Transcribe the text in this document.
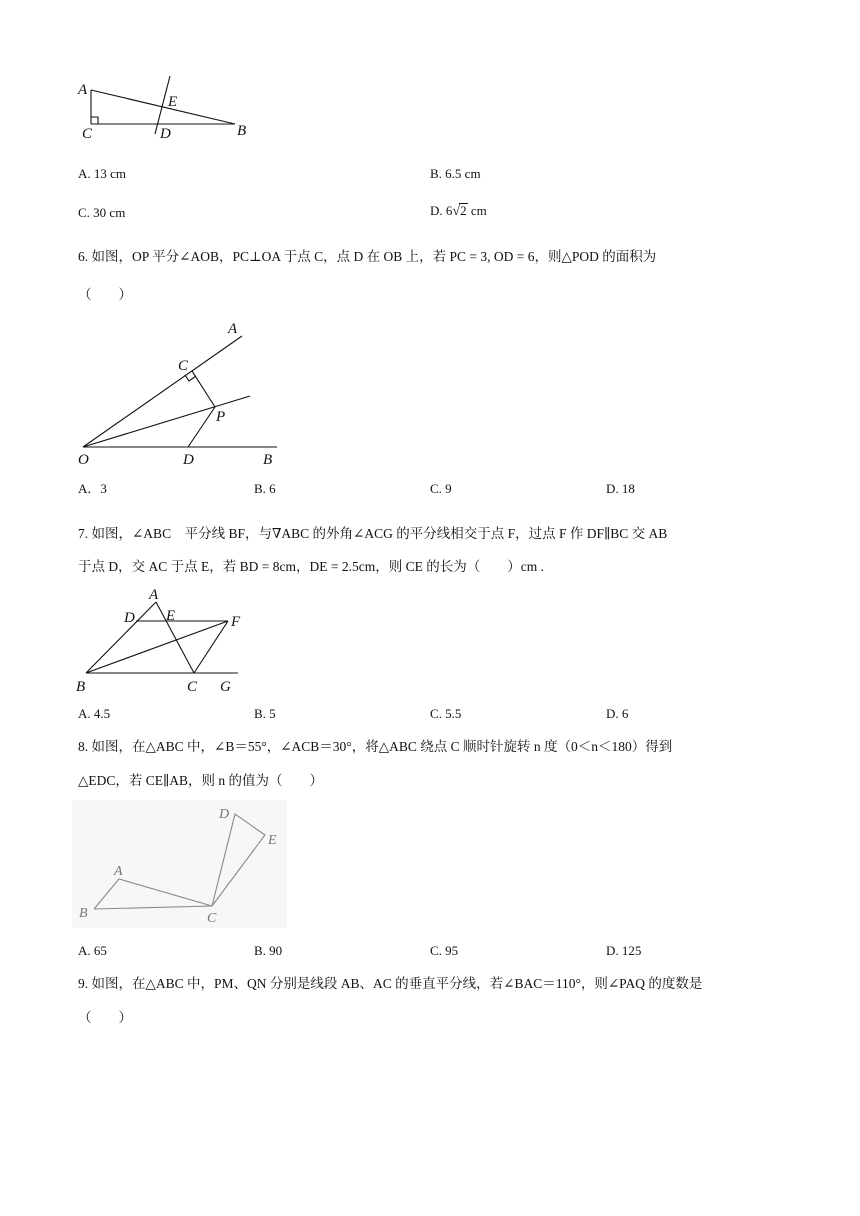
A
E
C	D	B
A. 13 cm	B. 6.5 cm
C. 30 cm	D. 6√2 cm
6. 如图，OP 平分∠AOB，PC⊥OA 于点 C，点 D 在 OB 上，若 PC = 3, OD = 6，则△POD 的面积为
（　　）
A
C
P
O	D	B
A．3	B. 6	C. 9	D. 18
7. 如图，∠ABC　平分线 BF，与∇ABC 的外角∠ACG 的平分线相交于点 F，过点 F 作 DF∥BC 交 AB
于点 D，交 AC 于点 E，若 BD = 8cm，DE = 2.5cm，则 CE 的长为（　　）cm .
A
D E	F
B	C G
A. 4.5	B. 5	C. 5.5	D. 6
8. 如图，在△ABC 中，∠B＝55°，∠ACB＝30°，将△ABC 绕点 C 顺时针旋转 n 度（0＜n＜180）得到
△EDC，若 CE∥AB，则 n 的值为（　　）
A
B	C
D
E
A. 65	B. 90	C. 95	D. 125
9. 如图，在△ABC 中，PM、QN 分别是线段 AB、AC 的垂直平分线，若∠BAC＝110°，则∠PAQ 的度数是
（　　）
